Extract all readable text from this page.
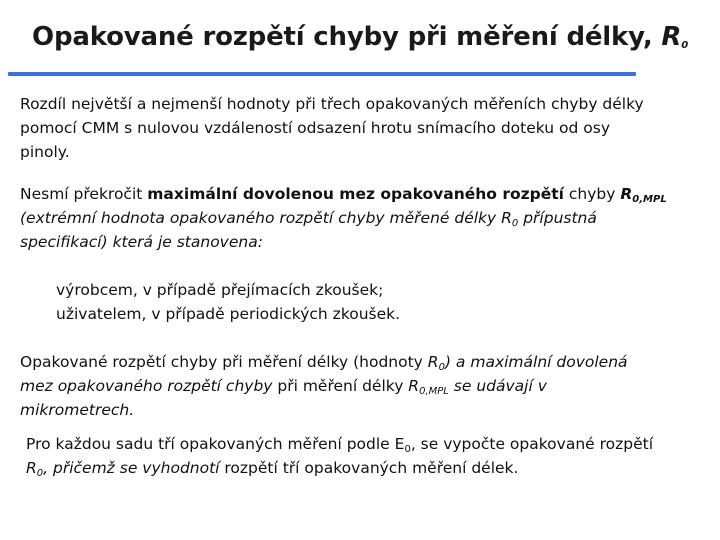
Opakované rozpětí chyby při měření délky, $R_0$
Rozdíl největší a nejmenší hodnoty při třech opakovaných měřeních chyby délky
pomocí CMM s nulovou vzdáleností odsazení hrotu snímacího doteku od osy
pinoly.
Nesmí překročit maximální dovolenou mez opakovaného rozpětí chyby $R_{0,MPL}$
(extrémní hodnota opakovaného rozpětí chyby měřené délky $R_0$ přípustná
specifikací) která je stanovena:
výrobcem, v případě přejímacích zkoušek;
uživatelem, v případě periodických zkoušek.
Opakované rozpětí chyby při měření délky (hodnoty $R_0$) a maximální dovolená
mez opakovaného rozpětí chyby při měření délky $R_{0,MPL}$ se udávají v
mikrometrech.
Pro každou sadu tří opakovaných měření podle $E_0$, se vypočte opakované rozpětí
$R_0$, přičemž se vyhodnotí rozpětí tří opakovaných měření délek.
